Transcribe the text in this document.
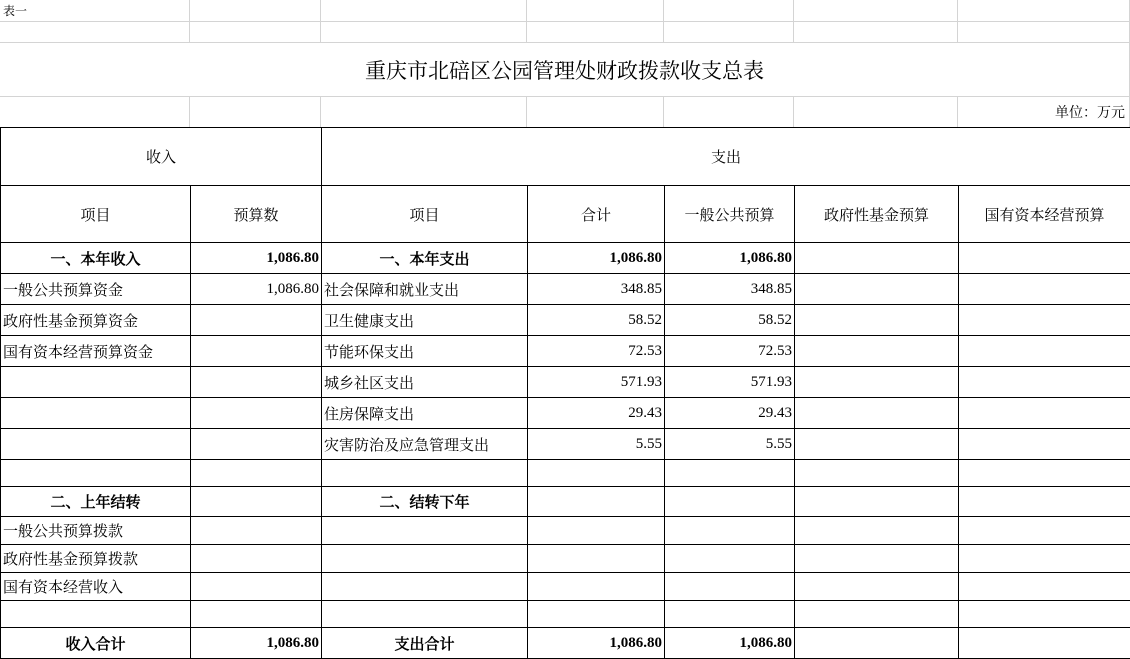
表一
重庆市北碚区公园管理处财政拨款收支总表
单位：万元
收入		支出				
项目	预算数	项目	合计	一般公共预算	政府性基金预算	国有资本经营预算
一、本年收入	1,086.80	一、本年支出	1,086.80	1,086.80		
一般公共预算资金	1,086.80	社会保障和就业支出	348.85	348.85		
政府性基金预算资金		卫生健康支出	58.52	58.52		
国有资本经营预算资金		节能环保支出	72.53	72.53		
		城乡社区支出	571.93	571.93		
		住房保障支出	29.43	29.43		
		灾害防治及应急管理支出	5.55	5.55		

二、上年结转		二、结转下年				
一般公共预算拨款						
政府性基金预算拨款						
国有资本经营收入						

收入合计	1,086.80	支出合计	1,086.80	1,086.80		
